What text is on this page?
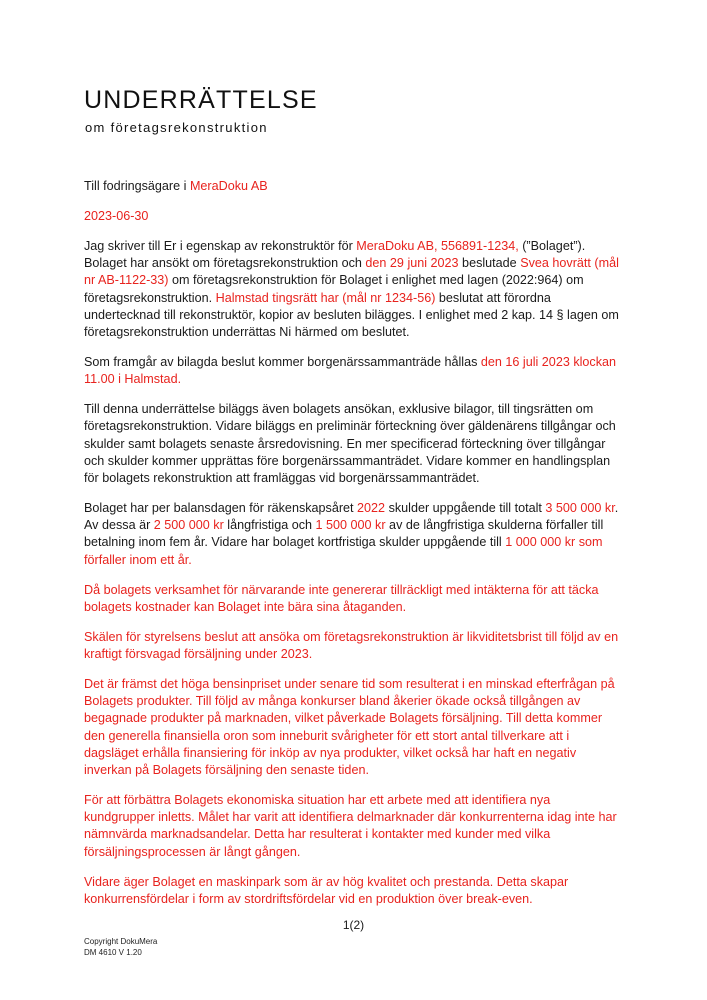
UNDERRÄTTELSE
om företagsrekonstruktion

Till fodringsägare i MeraDoku AB

2023-06-30

Jag skriver till Er i egenskap av rekonstruktör för MeraDoku AB, 556891-1234, (”Bolaget”). Bolaget har ansökt om företagsrekonstruktion och den 29 juni 2023 beslutade Svea hovrätt (mål nr AB-1122-33) om företagsrekonstruktion för Bolaget i enlighet med lagen (2022:964) om företagsrekonstruktion. Halmstad tingsrätt har (mål nr 1234-56) beslutat att förordna undertecknad till rekonstruktör, kopior av besluten bilägges. I enlighet med 2 kap. 14 § lagen om företagsrekonstruktion underrättas Ni härmed om beslutet.

Som framgår av bilagda beslut kommer borgenärssammanträde hållas den 16 juli 2023 klockan 11.00 i Halmstad.

Till denna underrättelse biläggs även bolagets ansökan, exklusive bilagor, till tingsrätten om företagsrekonstruktion. Vidare biläggs en preliminär förteckning över gäldenärens tillgångar och skulder samt bolagets senaste årsredovisning. En mer specificerad förteckning över tillgångar och skulder kommer upprättas före borgenärssammanträdet. Vidare kommer en handlingsplan för bolagets rekonstruktion att framläggas vid borgenärssammanträdet.

Bolaget har per balansdagen för räkenskapsåret 2022 skulder uppgående till totalt 3 500 000 kr. Av dessa är 2 500 000 kr långfristiga och 1 500 000 kr av de långfristiga skulderna förfaller till betalning inom fem år. Vidare har bolaget kortfristiga skulder uppgående till 1 000 000 kr som förfaller inom ett år.

Då bolagets verksamhet för närvarande inte genererar tillräckligt med intäkterna för att täcka bolagets kostnader kan Bolaget inte bära sina åtaganden.

Skälen för styrelsens beslut att ansöka om företagsrekonstruktion är likviditetsbrist till följd av en kraftigt försvagad försäljning under 2023.

Det är främst det höga bensinpriset under senare tid som resulterat i en minskad efterfrågan på Bolagets produkter. Till följd av många konkurser bland åkerier ökade också tillgången av begagnade produkter på marknaden, vilket påverkade Bolagets försäljning. Till detta kommer den generella finansiella oron som inneburit svårigheter för ett stort antal tillverkare att i dagsläget erhålla finansiering för inköp av nya produkter, vilket också har haft en negativ inverkan på Bolagets försäljning den senaste tiden.

För att förbättra Bolagets ekonomiska situation har ett arbete med att identifiera nya kundgrupper inletts. Målet har varit att identifiera delmarknader där konkurrenterna idag inte har nämnvärda marknadsandelar. Detta har resulterat i kontakter med kunder med vilka försäljningsprocessen är långt gången.

Vidare äger Bolaget en maskinpark som är av hög kvalitet och prestanda. Detta skapar konkurrensfördelar i form av stordriftsfördelar vid en produktion över break-even.

1(2)
Copyright DokuMera
DM 4610 V 1.20
